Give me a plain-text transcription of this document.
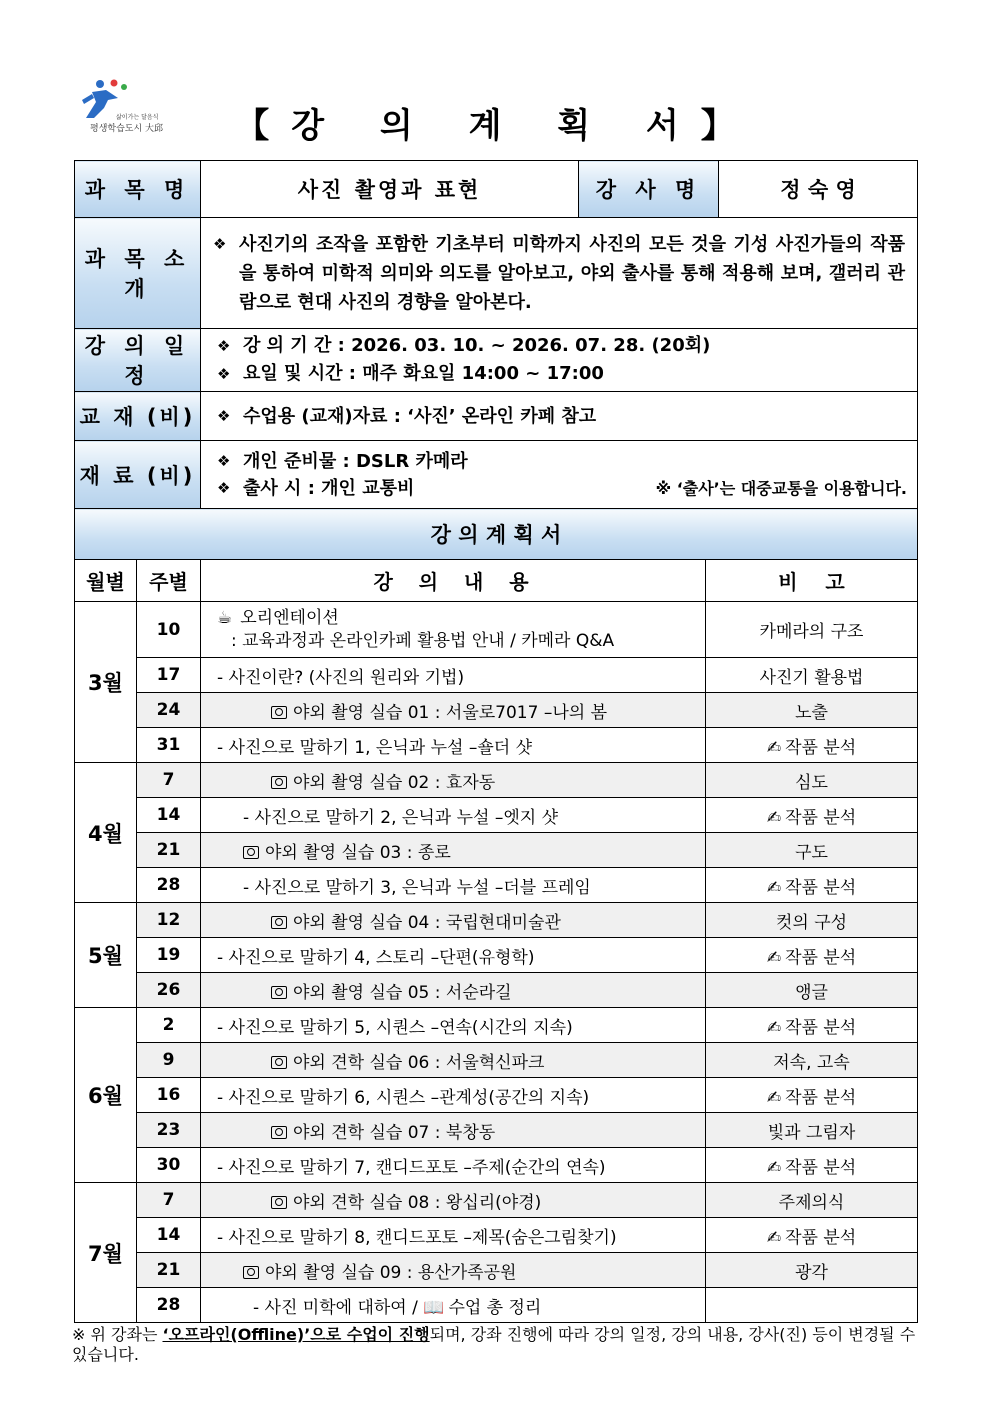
삶이가는 달음식
평생학습도시 大邱	【강 의 계 획 서】
과 목 명	사진 촬영과 표현	강 사 명	정 숙 영
과 목 소 개	❖ 사진기의 조작을 포함한 기초부터 미학까지 사진의 모든 것을 기성 사진가들의 작품을 통하여 미학적 의미와 의도를 알아보고, 야외 출사를 통해 적용해 보며, 갤러리 관람으로 현대 사진의 경향을 알아본다.		

강 의 일 정	❖ 강 의 기 간 : 2026. 03. 10. ~ 2026. 07. 28. (20회)
❖ 요일 및 시간 : 매주 화요일 14:00 ~ 17:00		

교 재 (비)	❖ 수업용 (교재)자료 : ‘사진’ 온라인 카페 참고		

재 료 (비)	❖ 개인 준비물 : DSLR 카메라
❖ 출사 시 : 개인 교통비 ※ ‘출사’는 대중교통을 이용합니다.		

강 의 계 획 서			
월별	주별	강  의  내  용	비    고
3월	10	☕ 오리엔테이션
: 교육과정과 온라인카페 활용법 안내 / 카메라 Q&A	카메라의 구조
	17	- 사진이란? (사진의 원리와 기법)	사진기 활용법
	24	야외 촬영 실습 01 : 서울로7017 –나의 봄	노출
	31	- 사진으로 말하기 1, 은닉과 누설 –숄더 샷	✍ 작품 분석
4월	7	야외 촬영 실습 02 : 효자동	심도
	14	- 사진으로 말하기 2, 은닉과 누설 –엣지 샷	✍ 작품 분석
	21	야외 촬영 실습 03 : 종로	구도
	28	- 사진으로 말하기 3, 은닉과 누설 –더블 프레임	✍ 작품 분석
5월	12	야외 촬영 실습 04 : 국립현대미술관	컷의 구성
	19	- 사진으로 말하기 4, 스토리 –단편(유형학)	✍ 작품 분석
	26	야외 촬영 실습 05 : 서순라길	앵글
6월	2	- 사진으로 말하기 5, 시퀀스 –연속(시간의 지속)	✍ 작품 분석
	9	야외 견학 실습 06 : 서울혁신파크	저속, 고속
	16	- 사진으로 말하기 6, 시퀀스 –관계성(공간의 지속)	✍ 작품 분석
	23	야외 견학 실습 07 : 북창동	빛과 그림자
	30	- 사진으로 말하기 7, 캔디드포토 –주제(순간의 연속)	✍ 작품 분석
7월	7	야외 견학 실습 08 : 왕십리(야경)	주제의식
	14	- 사진으로 말하기 8, 캔디드포토 –제목(숨은그림찾기)	✍ 작품 분석
	21	야외 촬영 실습 09 : 용산가족공원	광각
	28	- 사진 미학에 대하여 / 📖 수업 총 정리	
※ 위 강좌는 ‘오프라인(Offline)’으로 수업이 진행되며, 강좌 진행에 따라 강의 일정, 강의 내용, 강사(진) 등이 변경될 수 있습니다.
